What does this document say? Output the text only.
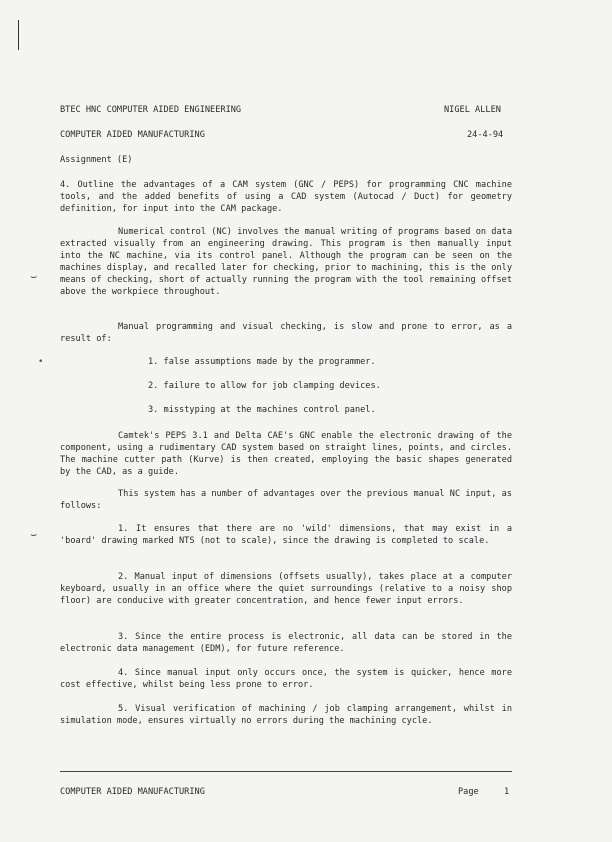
⌣
•
⌣
BTEC HNC COMPUTER AIDED ENGINEERING	NIGEL ALLEN
COMPUTER AIDED MANUFACTURING	24-4-94
Assignment (E)
4. Outline the advantages of a CAM system (GNC / PEPS) for programming CNC machine tools, and the added benefits of using a CAD system (Autocad / Duct) for geometry definition, for input into the CAM package.
Numerical control (NC) involves the manual writing of programs based on data extracted visually from an engineering drawing. This program is then manually input into the NC machine, via its control panel. Although the program can be seen on the machines display, and recalled later for checking, prior to machining, this is the only means of checking, short of actually running the program with the tool remaining offset above the workpiece throughout.
Manual programming and visual checking, is slow and prone to error, as a result of:
1. false assumptions made by the programmer.
2. failure to allow for job clamping devices.
3. misstyping at the machines control panel.
Camtek's PEPS 3.1 and Delta CAE's GNC enable the electronic drawing of the component, using a rudimentary CAD system based on straight lines, points, and circles. The machine cutter path (Kurve) is then created, employing the basic shapes generated by the CAD, as a guide.
This system has a number of advantages over the previous manual NC input, as follows:
1. It ensures that there are no 'wild' dimensions, that may exist in a 'board' drawing marked NTS (not to scale), since the drawing is completed to scale.
2. Manual input of dimensions (offsets usually), takes place at a computer keyboard, usually in an office where the quiet surroundings (relative to a noisy shop floor) are conducive with greater concentration, and hence fewer input errors.
3. Since the entire process is electronic, all data can be stored in the electronic data management (EDM), for future reference.
4. Since manual input only occurs once, the system is quicker, hence more cost effective, whilst being less prone to error.
5. Visual verification of machining / job clamping arrangement, whilst in simulation mode, ensures virtually no errors during the machining cycle.
COMPUTER AIDED MANUFACTURING	Page	1
